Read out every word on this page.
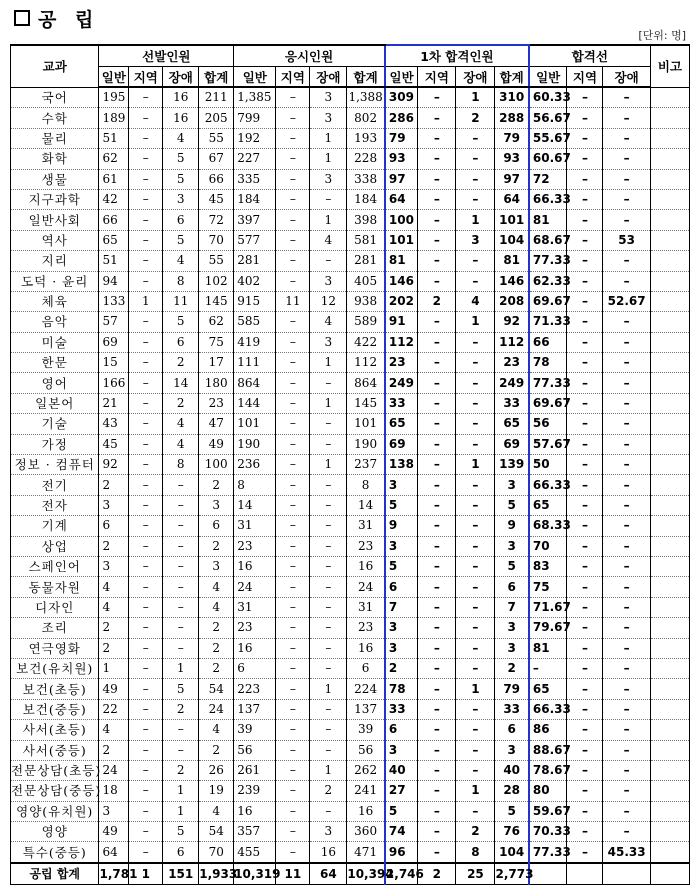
공 립
[단위: 명]
교과	선발인원				응시인원				1차 합격인원				합격선			비고
	일반	지역	장애	합계	일반	지역	장애	합계	일반	지역	장애	합계	일반	지역	장애	
국어	195	–	16	211	1,385	–	3	1,388	309	–	1	310	60.33	–	–	
수학	189	–	16	205	799	–	3	802	286	–	2	288	56.67	–	–	
물리	51	–	4	55	192	–	1	193	79	–	–	79	55.67	–	–	
화학	62	–	5	67	227	–	1	228	93	–	–	93	60.67	–	–	
생물	61	–	5	66	335	–	3	338	97	–	–	97	72	–	–	
지구과학	42	–	3	45	184	–	–	184	64	–	–	64	66.33	–	–	
일반사회	66	–	6	72	397	–	1	398	100	–	1	101	81	–	–	
역사	65	–	5	70	577	–	4	581	101	–	3	104	68.67	–	53	
지리	51	–	4	55	281	–	–	281	81	–	–	81	77.33	–	–	
도덕 · 윤리	94	–	8	102	402	–	3	405	146	–	–	146	62.33	–	–	
체육	133	1	11	145	915	11	12	938	202	2	4	208	69.67	–	52.67	
음악	57	–	5	62	585	–	4	589	91	–	1	92	71.33	–	–	
미술	69	–	6	75	419	–	3	422	112	–	–	112	66	–	–	
한문	15	–	2	17	111	–	1	112	23	–	–	23	78	–	–	
영어	166	–	14	180	864	–	–	864	249	–	–	249	77.33	–	–	
일본어	21	–	2	23	144	–	1	145	33	–	–	33	69.67	–	–	
기술	43	–	4	47	101	–	–	101	65	–	–	65	56	–	–	
가정	45	–	4	49	190	–	–	190	69	–	–	69	57.67	–	–	
정보 · 컴퓨터	92	–	8	100	236	–	1	237	138	–	1	139	50	–	–	
전기	2	–	–	2	8	–	–	8	3	–	–	3	66.33	–	–	
전자	3	–	–	3	14	–	–	14	5	–	–	5	65	–	–	
기계	6	–	–	6	31	–	–	31	9	–	–	9	68.33	–	–	
상업	2	–	–	2	23	–	–	23	3	–	–	3	70	–	–	
스페인어	3	–	–	3	16	–	–	16	5	–	–	5	83	–	–	
동물자원	4	–	–	4	24	–	–	24	6	–	–	6	75	–	–	
디자인	4	–	–	4	31	–	–	31	7	–	–	7	71.67	–	–	
조리	2	–	–	2	23	–	–	23	3	–	–	3	79.67	–	–	
연극영화	2	–	–	2	16	–	–	16	3	–	–	3	81	–	–	
보건(유치원)	1	–	1	2	6	–	–	6	2	–	–	2	–	–	–	
보건(초등)	49	–	5	54	223	–	1	224	78	–	1	79	65	–	–	
보건(중등)	22	–	2	24	137	–	–	137	33	–	–	33	66.33	–	–	
사서(초등)	4	–	–	4	39	–	–	39	6	–	–	6	86	–	–	
사서(중등)	2	–	–	2	56	–	–	56	3	–	–	3	88.67	–	–	
전문상담(초등)	24	–	2	26	261	–	1	262	40	–	–	40	78.67	–	–	
전문상담(중등)	18	–	1	19	239	–	2	241	27	–	1	28	80	–	–	
영양(유치원)	3	–	1	4	16	–	–	16	5	–	–	5	59.67	–	–	
영양	49	–	5	54	357	–	3	360	74	–	2	76	70.33	–	–	
특수(중등)	64	–	6	70	455	–	16	471	96	–	8	104	77.33	–	45.33	
공립 합계	1,781	1	151	1,933	10,319	11	64	10,394	2,746	2	25	2,773				
